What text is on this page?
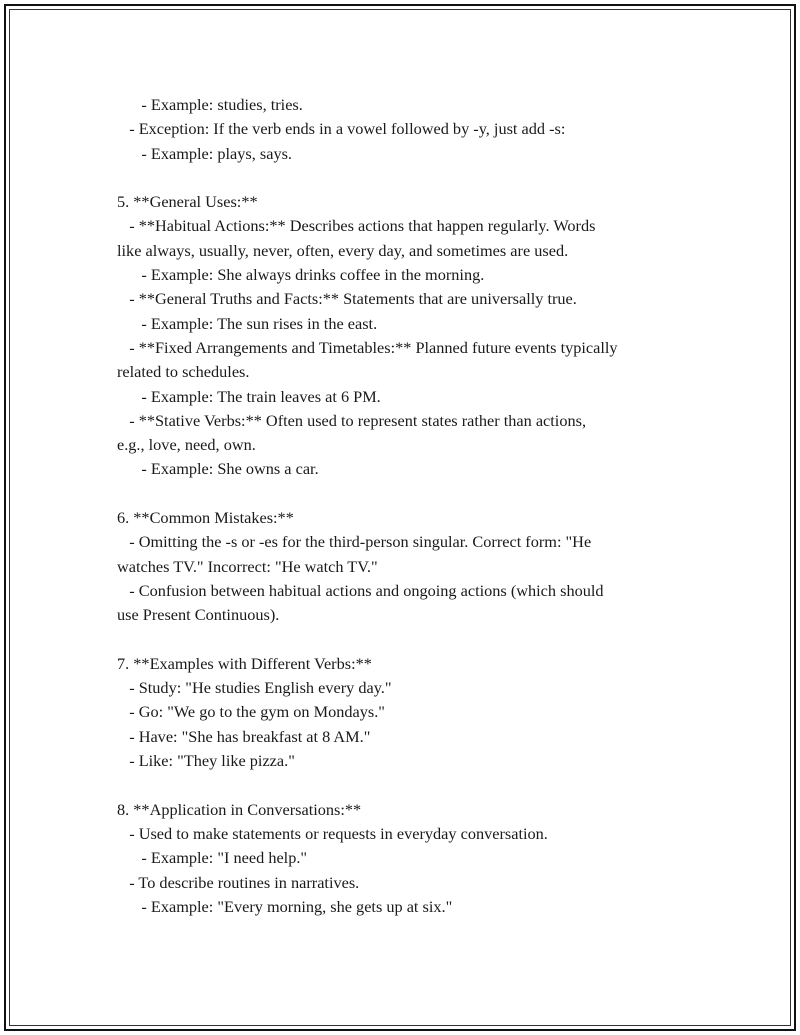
- Example: studies, tries.
- Exception: If the verb ends in a vowel followed by -y, just add -s:
- Example: plays, says.
5. **General Uses:**
- **Habitual Actions:** Describes actions that happen regularly. Words
like always, usually, never, often, every day, and sometimes are used.
- Example: She always drinks coffee in the morning.
- **General Truths and Facts:** Statements that are universally true.
- Example: The sun rises in the east.
- **Fixed Arrangements and Timetables:** Planned future events typically
related to schedules.
- Example: The train leaves at 6 PM.
- **Stative Verbs:** Often used to represent states rather than actions,
e.g., love, need, own.
- Example: She owns a car.
6. **Common Mistakes:**
- Omitting the -s or -es for the third-person singular. Correct form: "He
watches TV." Incorrect: "He watch TV."
- Confusion between habitual actions and ongoing actions (which should
use Present Continuous).
7. **Examples with Different Verbs:**
- Study: "He studies English every day."
- Go: "We go to the gym on Mondays."
- Have: "She has breakfast at 8 AM."
- Like: "They like pizza."
8. **Application in Conversations:**
- Used to make statements or requests in everyday conversation.
- Example: "I need help."
- To describe routines in narratives.
- Example: "Every morning, she gets up at six."
